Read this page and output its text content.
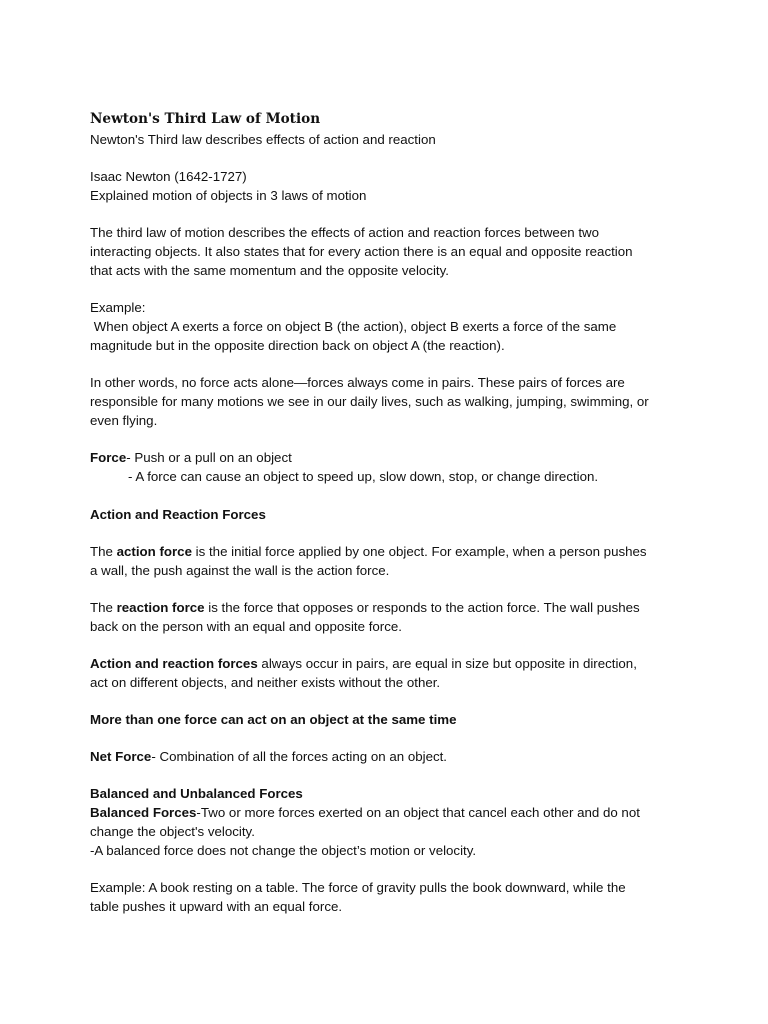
Newton's Third Law of Motion

Newton's Third law describes effects of action and reaction

Isaac Newton (1642-1727)

Explained motion of objects in 3 laws of motion

The third law of motion describes the effects of action and reaction forces between two
interacting objects. It also states that for every action there is an equal and opposite reaction
that acts with the same momentum and the opposite velocity.
Example:
When object A exerts a force on object B (the action), object B exerts a force of the same
magnitude but in the opposite direction back on object A (the reaction).
In other words, no force acts alone—forces always come in pairs. These pairs of forces are
responsible for many motions we see in our daily lives, such as walking, jumping, swimming, or
even flying.
Force- Push or a pull on an object
- A force can cause an object to speed up, slow down, stop, or change direction.

Action and Reaction Forces

The action force is the initial force applied by one object. For example, when a person pushes
a wall, the push against the wall is the action force.
The reaction force is the force that opposes or responds to the action force. The wall pushes
back on the person with an equal and opposite force.
Action and reaction forces always occur in pairs, are equal in size but opposite in direction,
act on different objects, and neither exists without the other.

More than one force can act on an object at the same time

Net Force- Combination of all the forces acting on an object.

Balanced and Unbalanced Forces

Balanced Forces-Two or more forces exerted on an object that cancel each other and do not
change the object's velocity.
-A balanced force does not change the object’s motion or velocity.
Example: A book resting on a table. The force of gravity pulls the book downward, while the
table pushes it upward with an equal force.
